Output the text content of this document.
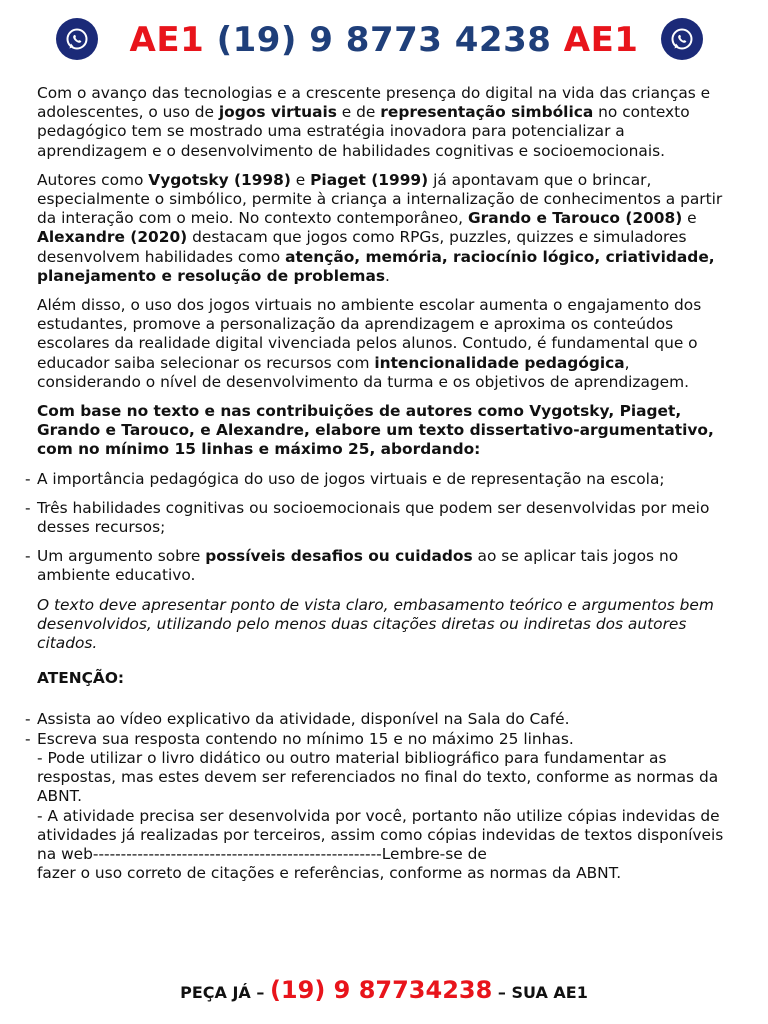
AE1 (19) 9 8773 4238 AE1

Com o avanço das tecnologias e a crescente presença do digital na vida das crianças e adolescentes, o uso de jogos virtuais e de representação simbólica no contexto pedagógico tem se mostrado uma estratégia inovadora para potencializar a aprendizagem e o desenvolvimento de habilidades cognitivas e socioemocionais.

Autores como Vygotsky (1998) e Piaget (1999) já apontavam que o brincar, especialmente o simbólico, permite à criança a internalização de conhecimentos a partir da interação com o meio. No contexto contemporâneo, Grando e Tarouco (2008) e Alexandre (2020) destacam que jogos como RPGs, puzzles, quizzes e simuladores desenvolvem habilidades como atenção, memória, raciocínio lógico, criatividade, planejamento e resolução de problemas.

Além disso, o uso dos jogos virtuais no ambiente escolar aumenta o engajamento dos estudantes, promove a personalização da aprendizagem e aproxima os conteúdos escolares da realidade digital vivenciada pelos alunos. Contudo, é fundamental que o educador saiba selecionar os recursos com intencionalidade pedagógica, considerando o nível de desenvolvimento da turma e os objetivos de aprendizagem.

Com base no texto e nas contribuições de autores como Vygotsky, Piaget, Grando e Tarouco, e Alexandre, elabore um texto dissertativo-argumentativo, com no mínimo 15 linhas e máximo 25, abordando:

- A importância pedagógica do uso de jogos virtuais e de representação na escola;
- Três habilidades cognitivas ou socioemocionais que podem ser desenvolvidas por meio desses recursos;
- Um argumento sobre possíveis desafios ou cuidados ao se aplicar tais jogos no ambiente educativo.

O texto deve apresentar ponto de vista claro, embasamento teórico e argumentos bem desenvolvidos, utilizando pelo menos duas citações diretas ou indiretas dos autores citados.

ATENÇÃO:

- Assista ao vídeo explicativo da atividade, disponível na Sala do Café.
- Escreva sua resposta contendo no mínimo 15 e no máximo 25 linhas.

- Pode utilizar o livro didático ou outro material bibliográfico para fundamentar as respostas, mas estes devem ser referenciados no final do texto, conforme as normas da ABNT.

- A atividade precisa ser desenvolvida por você, portanto não utilize cópias indevidas de atividades já realizadas por terceiros, assim como cópias indevidas de textos disponíveis na web----------------------------------------------------Lembre-se de

fazer o uso correto de citações e referências, conforme as normas da ABNT.

PEÇA JÁ – (19) 9 87734238 – SUA AE1
